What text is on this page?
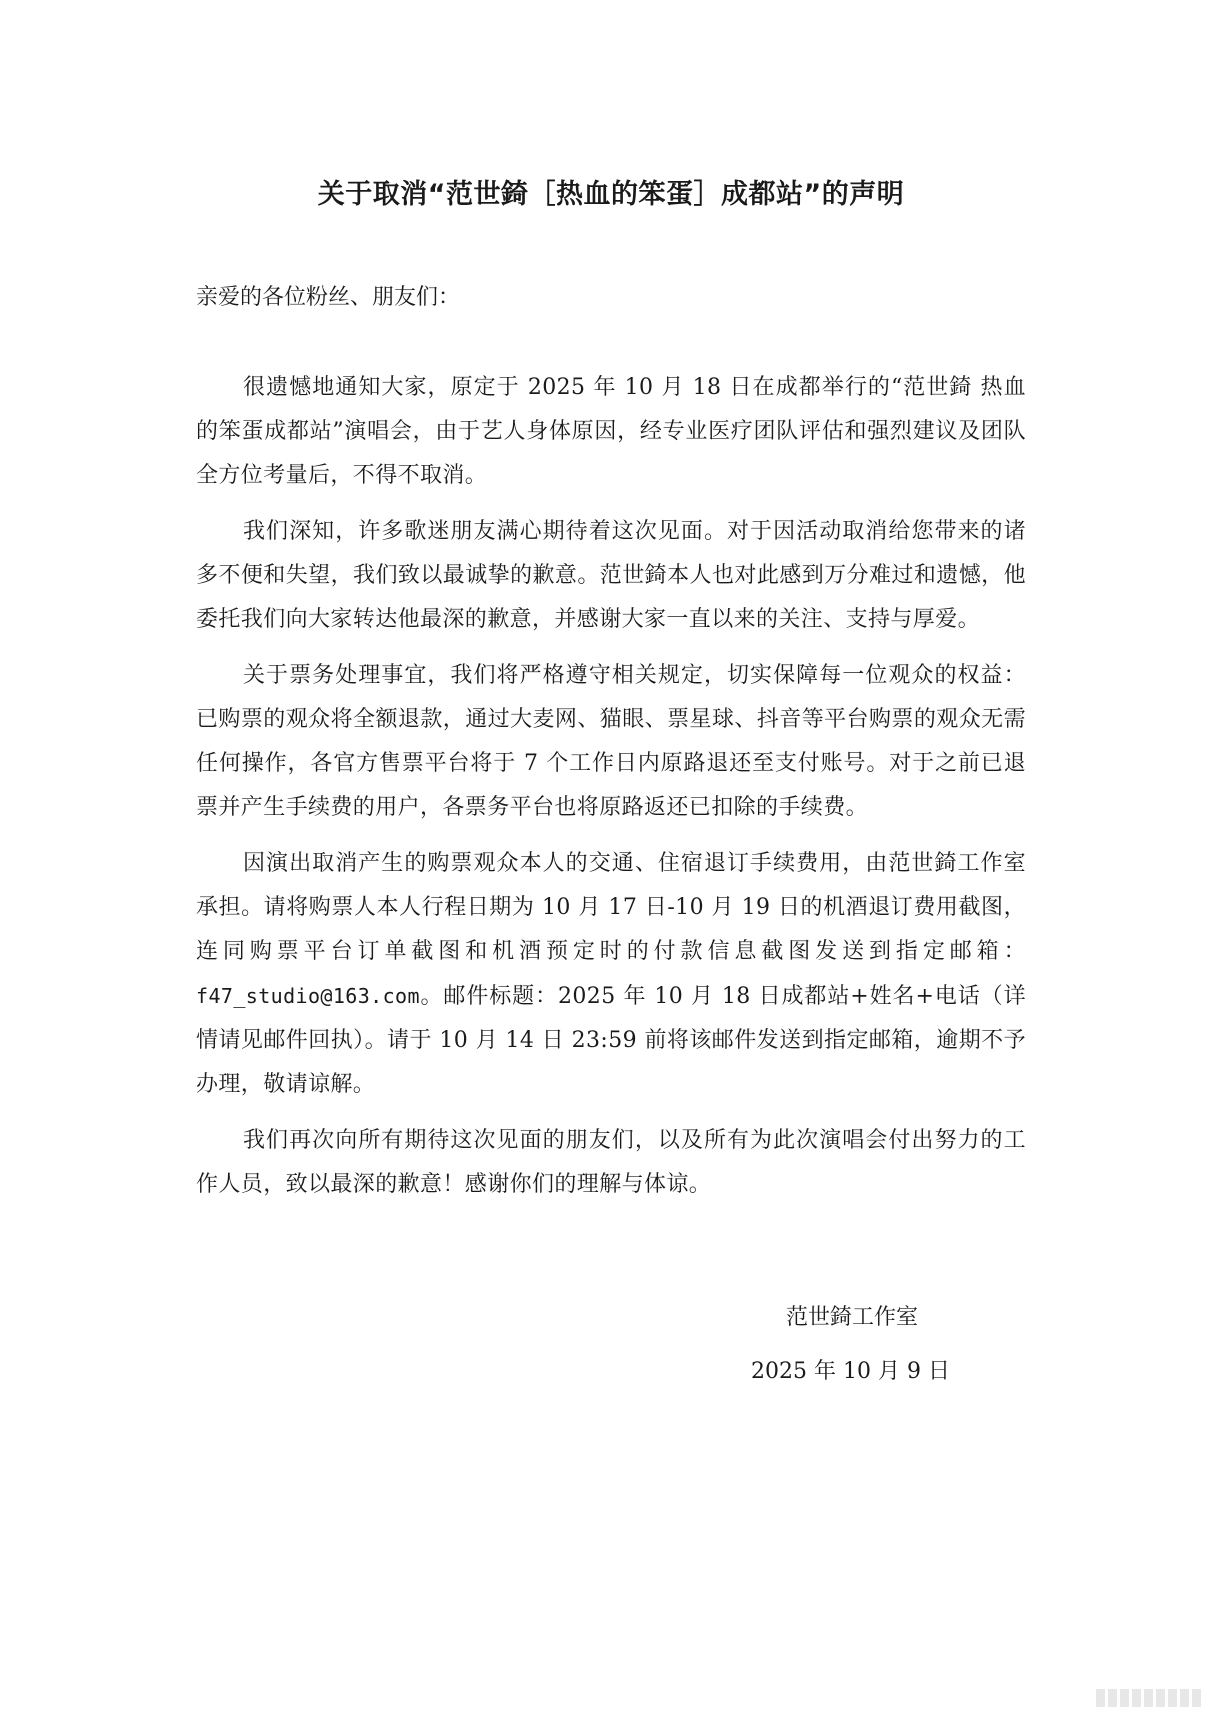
关于取消“范世錡［热血的笨蛋］成都站”的声明
亲爱的各位粉丝、朋友们：

很遗憾地通知大家，原定于 2025 年 10 月 18 日在成都举行的“范世錡 热血的笨蛋成都站”演唱会，由于艺人身体原因，经专业医疗团队评估和强烈建议及团队全方位考量后，不得不取消。

我们深知，许多歌迷朋友满心期待着这次见面。对于因活动取消给您带来的诸多不便和失望，我们致以最诚挚的歉意。范世錡本人也对此感到万分难过和遗憾，他委托我们向大家转达他最深的歉意，并感谢大家一直以来的关注、支持与厚爱。

关于票务处理事宜，我们将严格遵守相关规定，切实保障每一位观众的权益：已购票的观众将全额退款，通过大麦网、猫眼、票星球、抖音等平台购票的观众无需任何操作，各官方售票平台将于 7 个工作日内原路退还至支付账号。对于之前已退票并产生手续费的用户，各票务平台也将原路返还已扣除的手续费。

因演出取消产生的购票观众本人的交通、住宿退订手续费用，由范世錡工作室承担。请将购票人本人行程日期为 10 月 17 日-10 月 19 日的机酒退订费用截图，连同购票平台订单截图和机酒预定时的付款信息截图发送到指定邮箱：f47_studio@163.com。邮件标题：2025 年 10 月 18 日成都站+姓名+电话（详情请见邮件回执）。请于 10 月 14 日 23:59 前将该邮件发送到指定邮箱，逾期不予办理，敬请谅解。

我们再次向所有期待这次见面的朋友们，以及所有为此次演唱会付出努力的工作人员，致以最深的歉意！感谢你们的理解与体谅。

范世錡工作室
2025 年 10 月 9 日
